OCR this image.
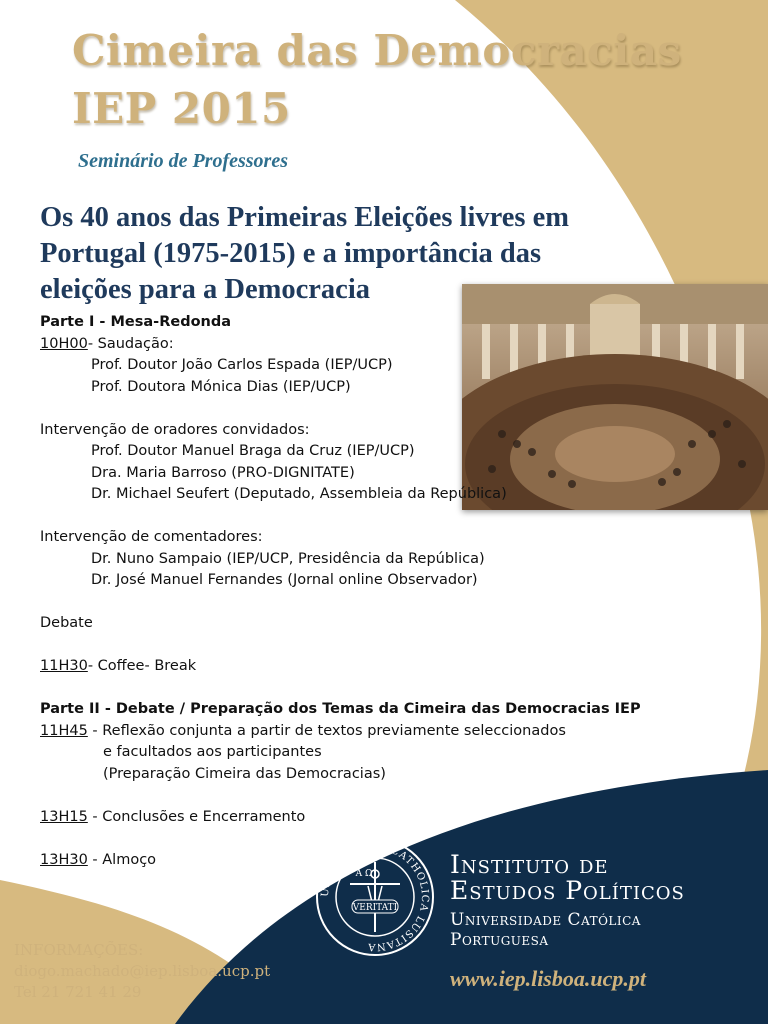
Cimeira das Democracias
IEP 2015
Seminário de Professores
Os 40 anos das Primeiras Eleições livres em
Portugal (1975-2015) e a importância das
eleições para a Democracia

Parte I - Mesa-Redonda

10H00- Saudação:

Prof. Doutor João Carlos Espada (IEP/UCP)

Prof. Doutora Mónica Dias (IEP/UCP)

Intervenção de oradores convidados:

Prof. Doutor Manuel Braga da Cruz (IEP/UCP)

Dra. Maria Barroso (PRO-DIGNITATE)

Dr. Michael Seufert (Deputado, Assembleia da República)

Intervenção de comentadores:

Dr. Nuno Sampaio (IEP/UCP, Presidência da República)

Dr. José Manuel Fernandes (Jornal online Observador)

Debate

11H30- Coffee- Break

Parte II - Debate / Preparação dos Temas da Cimeira das Democracias IEP

11H45 - Reflexão conjunta a partir de textos previamente seleccionados

e facultados aos participantes

(Preparação Cimeira das Democracias)

13H15 - Conclusões e Encerramento

13H30 - Almoço

INFORMAÇÕES:

diogo.machado@iep.lisboa.ucp.pt

Tel 21 721 41 29

UNIVERSITAS CATHOLICA LUSITANA
A Ω
VERITATI

Instituto de

Estudos Políticos

Universidade Católica

Portuguesa

www.iep.lisboa.ucp.pt
